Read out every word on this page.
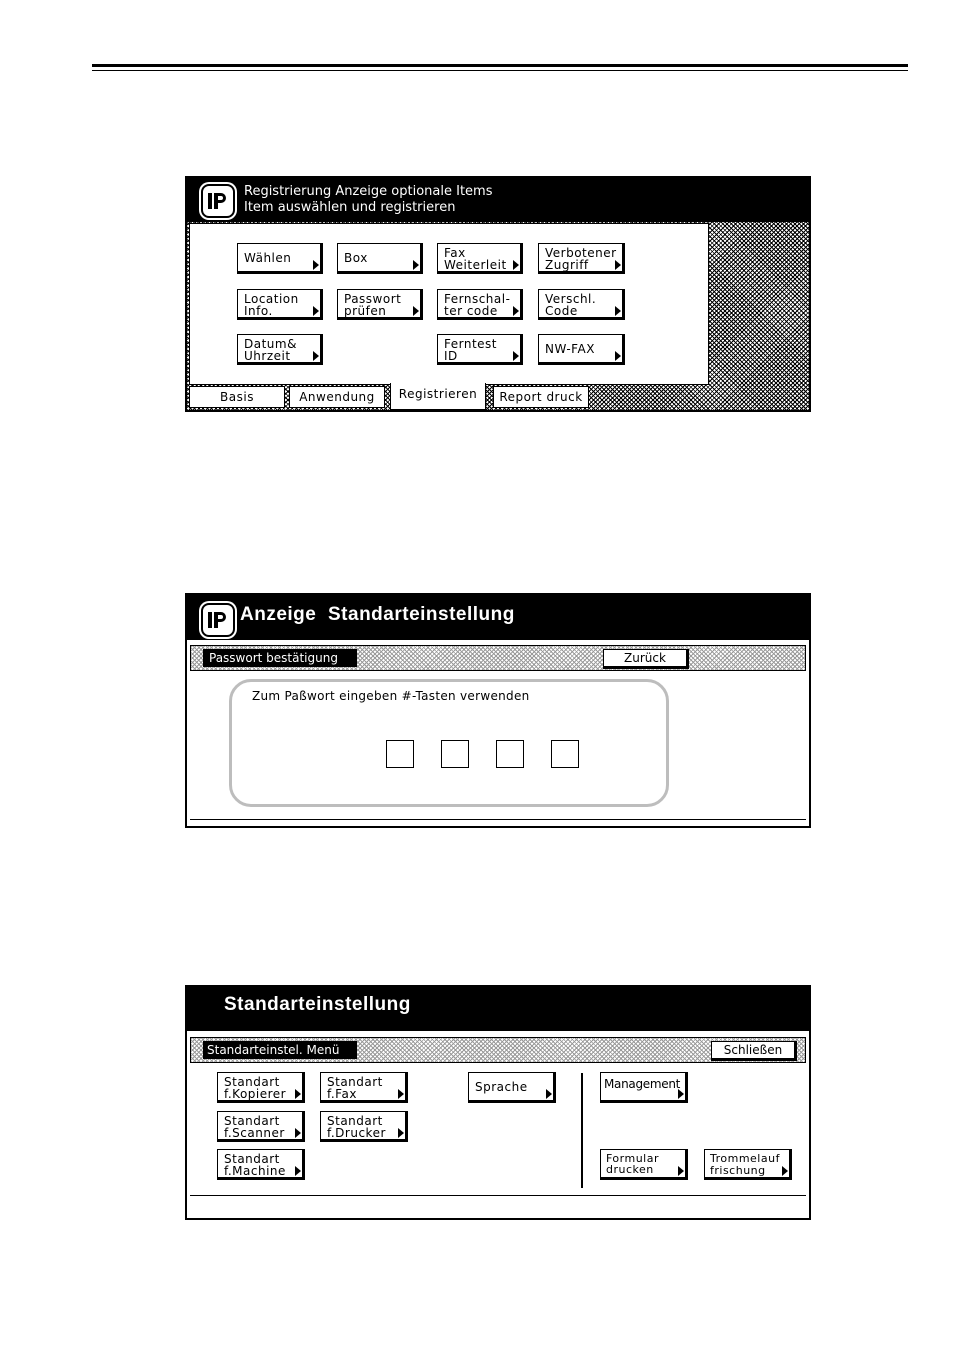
Registrierung Anzeige optionale Items
Item auswählen und registrieren
Wählen	Box	Fax
Weiterleit
Verbotener
Zugriff
Location
Info.
Passwort
prüfen
Fernschal-
ter code
Verschl.
Code
Datum&
Uhrzeit
Ferntest
ID	NW-FAX
Basis	Anwendung	Registrieren	Report druck
Anzeige Standarteinstellung
Passwort bestätigung	Zurück
Zum Paßwort eingeben #-Tasten verwenden
Standarteinstellung
Standarteinstel. Menü	Schließen
Standart
f.Kopierer
Standart
f.Fax	Sprache	Management
Standart
f.Scanner
Standart
f.Drucker
Standart
f.Machine
Formular
drucken
Trommelauf
frischung
